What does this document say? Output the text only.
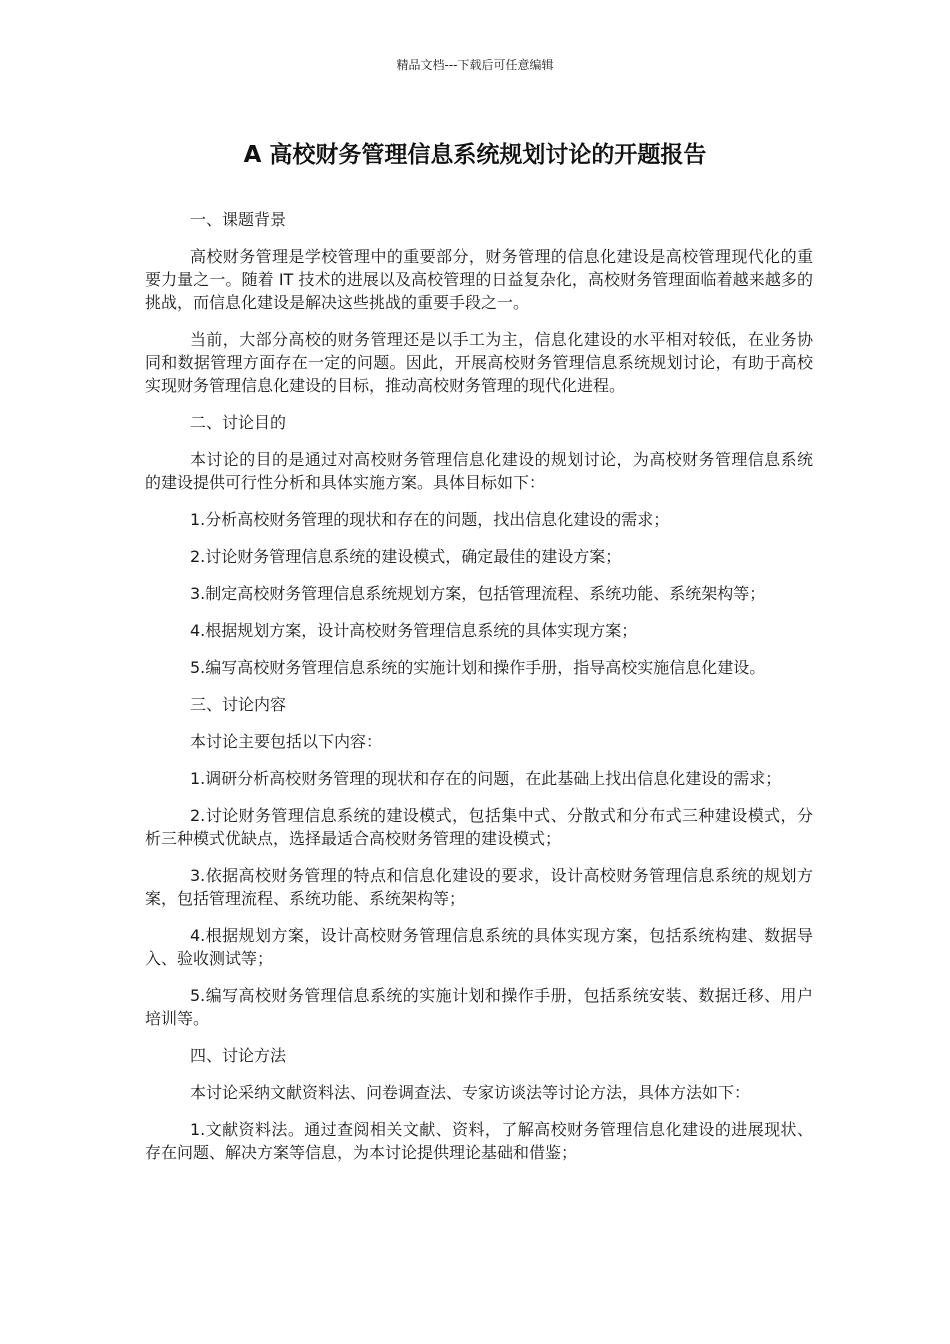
精品文档---下载后可任意编辑
A 高校财务管理信息系统规划讨论的开题报告

一、课题背景

高校财务管理是学校管理中的重要部分，财务管理的信息化建设是高校管理现代化的重要力量之一。随着 IT 技术的进展以及高校管理的日益复杂化，高校财务管理面临着越来越多的挑战，而信息化建设是解决这些挑战的重要手段之一。

当前，大部分高校的财务管理还是以手工为主，信息化建设的水平相对较低，在业务协同和数据管理方面存在一定的问题。因此，开展高校财务管理信息系统规划讨论，有助于高校实现财务管理信息化建设的目标，推动高校财务管理的现代化进程。

二、讨论目的

本讨论的目的是通过对高校财务管理信息化建设的规划讨论，为高校财务管理信息系统的建设提供可行性分析和具体实施方案。具体目标如下：

1.分析高校财务管理的现状和存在的问题，找出信息化建设的需求；

2.讨论财务管理信息系统的建设模式，确定最佳的建设方案；

3.制定高校财务管理信息系统规划方案，包括管理流程、系统功能、系统架构等；

4.根据规划方案，设计高校财务管理信息系统的具体实现方案；

5.编写高校财务管理信息系统的实施计划和操作手册，指导高校实施信息化建设。

三、讨论内容

本讨论主要包括以下内容：

1.调研分析高校财务管理的现状和存在的问题，在此基础上找出信息化建设的需求；

2.讨论财务管理信息系统的建设模式，包括集中式、分散式和分布式三种建设模式，分析三种模式优缺点，选择最适合高校财务管理的建设模式；

3.依据高校财务管理的特点和信息化建设的要求，设计高校财务管理信息系统的规划方案，包括管理流程、系统功能、系统架构等；

4.根据规划方案，设计高校财务管理信息系统的具体实现方案，包括系统构建、数据导入、验收测试等；

5.编写高校财务管理信息系统的实施计划和操作手册，包括系统安装、数据迁移、用户培训等。

四、讨论方法

本讨论采纳文献资料法、问卷调查法、专家访谈法等讨论方法，具体方法如下：

1.文献资料法。通过查阅相关文献、资料，了解高校财务管理信息化建设的进展现状、存在问题、解决方案等信息，为本讨论提供理论基础和借鉴；
